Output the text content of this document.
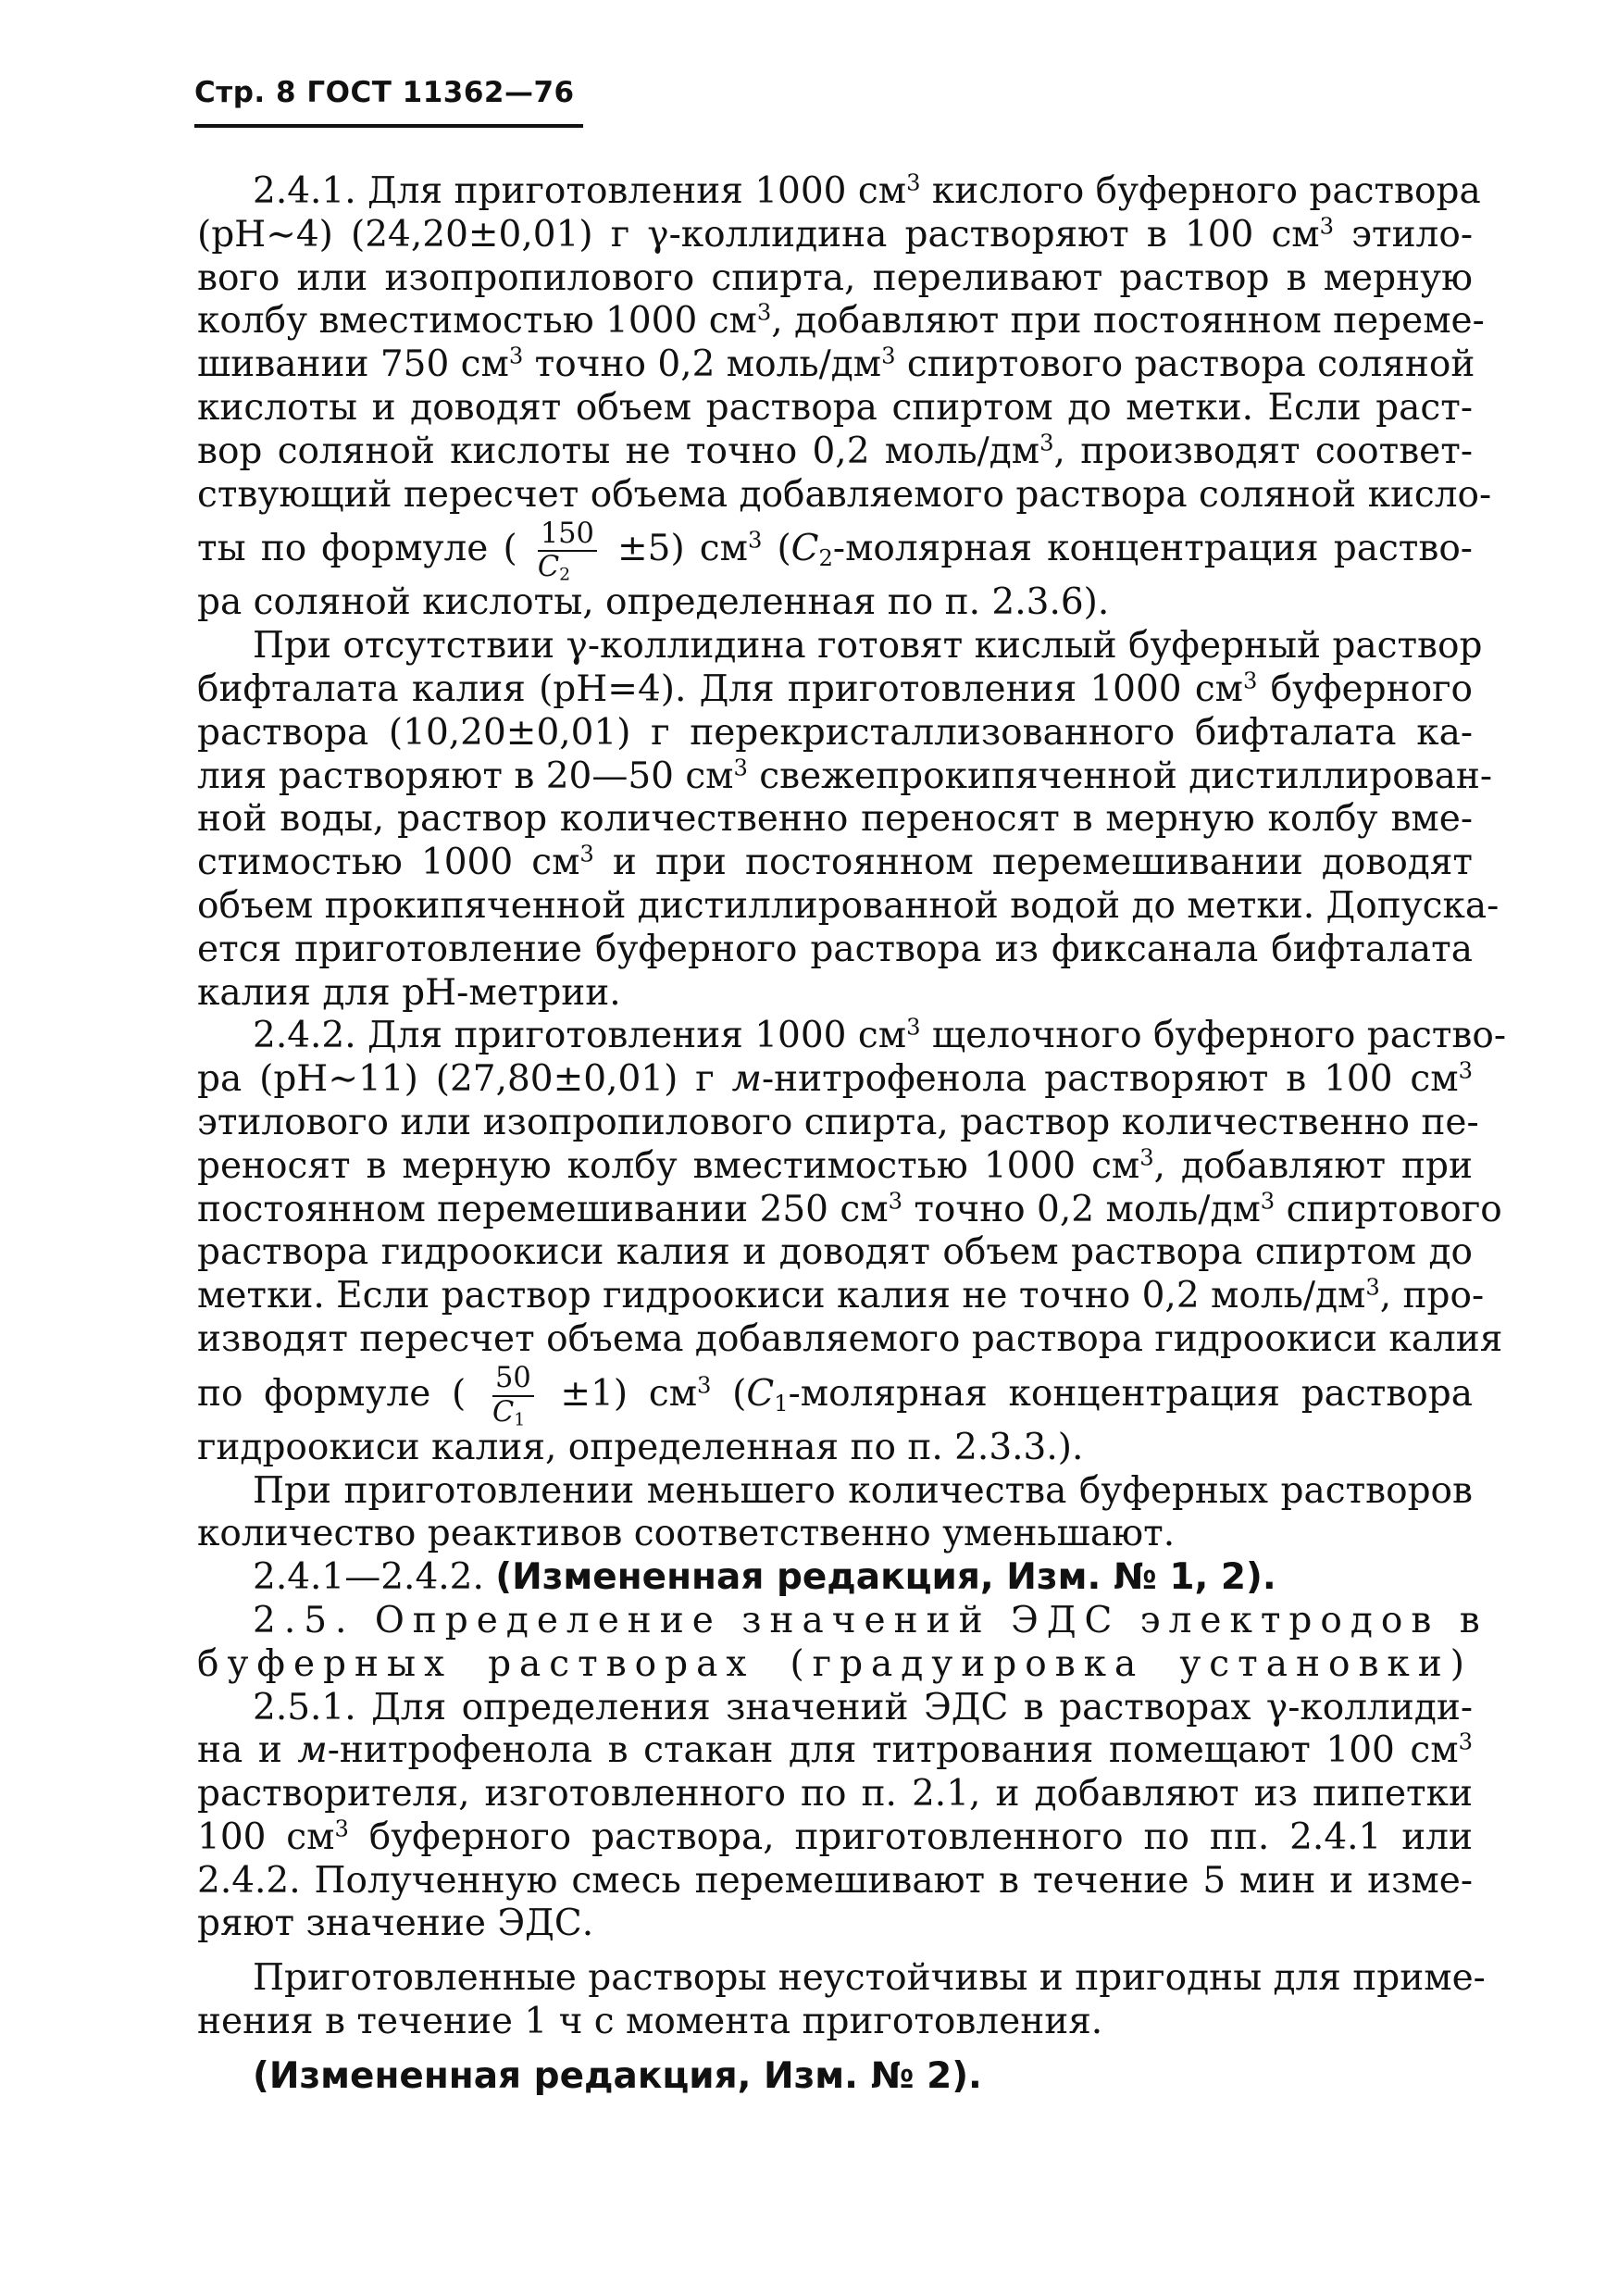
Стр. 8 ГОСТ 11362—76
2.4.1. Для приготовления 1000 $см^3$ кислого буферного раствора
(pH∼4) (24,20±0,01) г γ-коллидина растворяют в 100 $см^3$ этило-
вого или изопропилового спирта, переливают раствор в мерную
колбу вместимостью 1000 $см^3$, добавляют при постоянном переме-
шивании 750 $см^3$ точно 0,2 моль/$дм^3$ спиртового раствора соляной
кислоты и доводят объем раствора спиртом до метки. Если раст-
вор соляной кислоты не точно 0,2 моль/$дм^3$, производят соответ-
ствующий пересчет объема добавляемого раствора соляной кисло-
ты по формуле ( $\frac{150}{C_2} \pm 5$) $см^3$ ($C_2$-молярная концентрация раство-
ра соляной кислоты, определенная по п. 2.3.6).
При отсутствии γ-коллидина готовят кислый буферный раствор
бифталата калия (pH=4). Для приготовления 1000 $см^3$ буферного
раствора (10,20±0,01) г перекристаллизованного бифталата ка-
лия растворяют в 20—50 $см^3$ свежепрокипяченной дистиллирован-
ной воды, раствор количественно переносят в мерную колбу вме-
стимостью 1000 $см^3$ и при постоянном перемешивании доводят
объем прокипяченной дистиллированной водой до метки. Допуска-
ется приготовление буферного раствора из фиксанала бифталата
калия для pH-метрии.
2.4.2. Для приготовления 1000 $см^3$ щелочного буферного раство-
ра (pH∼11) (27,80±0,01) г м-нитрофенола растворяют в 100 $см^3$
этилового или изопропилового спирта, раствор количественно пе-
реносят в мерную колбу вместимостью 1000 $см^3$, добавляют при
постоянном перемешивании 250 $см^3$ точно 0,2 моль/$дм^3$ спиртового
раствора гидроокиси калия и доводят объем раствора спиртом до
метки. Если раствор гидроокиси калия не точно 0,2 моль/$дм^3$, про-
изводят пересчет объема добавляемого раствора гидроокиси калия
по формуле ( $\frac{50}{C_1} \pm 1$) $см^3$ ($C_1$-молярная концентрация раствора
гидроокиси калия, определенная по п. 2.3.3.).
При приготовлении меньшего количества буферных растворов
количество реактивов соответственно уменьшают.
2.4.1—2.4.2. (Измененная редакция, Изм. № 1, 2).
2.5. Определение значений ЭДС электродов в
буферных растворах (градуировка установки)
2.5.1. Для определения значений ЭДС в растворах γ-коллиди-
на и м-нитрофенола в стакан для титрования помещают 100 $см^3$
растворителя, изготовленного по п. 2.1, и добавляют из пипетки
100 $см^3$ буферного раствора, приготовленного по пп. 2.4.1 или
2.4.2. Полученную смесь перемешивают в течение 5 мин и изме-
ряют значение ЭДС.
Приготовленные растворы неустойчивы и пригодны для приме-
нения в течение 1 ч с момента приготовления.
(Измененная редакция, Изм. № 2).
